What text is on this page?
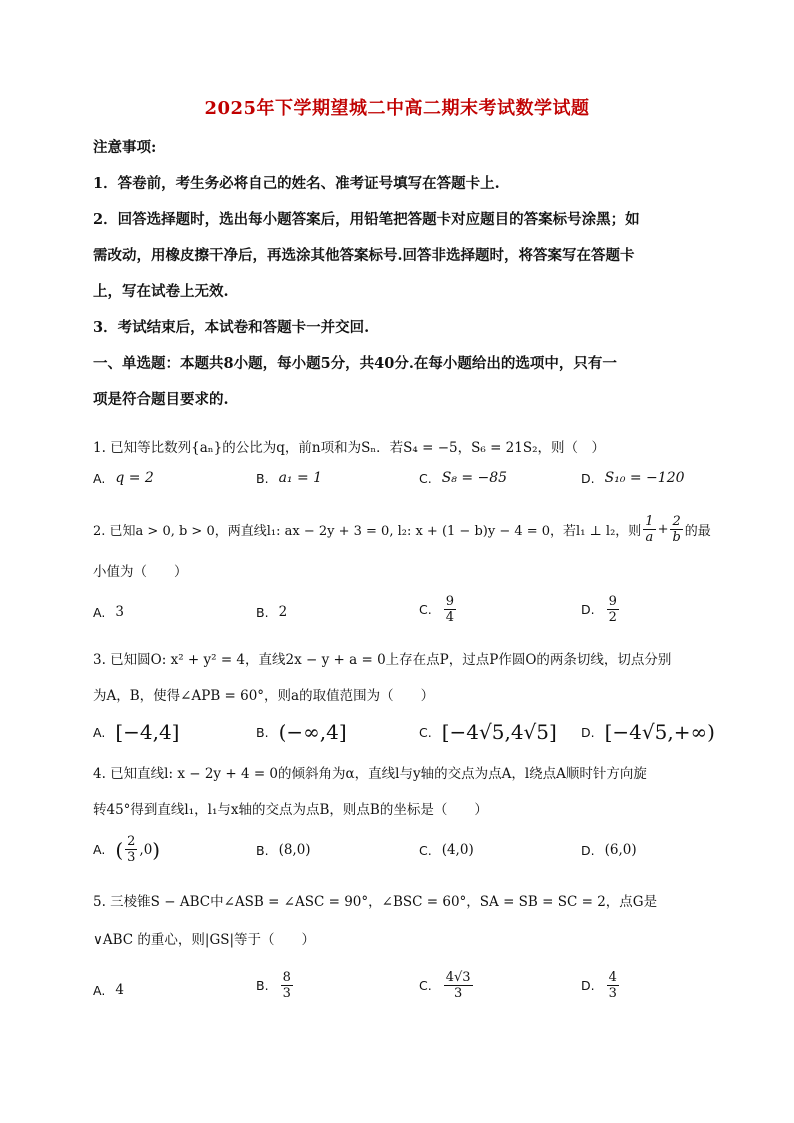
2025年下学期望城二中高二期末考试数学试题
注意事项:
1．答卷前，考生务必将自己的姓名、准考证号填写在答题卡上.
2．回答选择题时，选出每小题答案后，用铅笔把答题卡对应题目的答案标号涂黑；如
需改动，用橡皮擦干净后，再选涂其他答案标号.回答非选择题时，将答案写在答题卡
上，写在试卷上无效.
3．考试结束后，本试卷和答题卡一并交回.
一、单选题：本题共8小题，每小题5分，共40分.在每小题给出的选项中，只有一
项是符合题目要求的.
1. 已知等比数列{aₙ}的公比为q，前n项和为Sₙ．若S₄ = −5，S₆ = 21S₂，则（　）
A. q = 2	B. a₁ = 1	C. S₈ = −85	D. S₁₀ = −120
2. 已知a > 0, b > 0，两直线l₁: ax − 2y + 3 = 0, l₂: x + (1 − b)y − 4 = 0，若l₁ ⊥ l₂，则 $\frac{1}{a} + \frac{2}{b}$ 的最
小值为（　　）
A. 3	B. 2	C. $\frac{9}{4}$	D. $\frac{9}{2}$
3. 已知圆O: x² + y² = 4，直线2x − y + a = 0上存在点P，过点P作圆O的两条切线，切点分别
为A，B，使得∠APB = 60°，则a的取值范围为（　　）
A. [−4,4]	B. (−∞,4]	C. [−4√5,4√5] D. [−4√5,+∞)
4. 已知直线l: x − 2y + 4 = 0的倾斜角为α，直线l与y轴的交点为点A，l绕点A顺时针方向旋
转45°得到直线l₁，l₁与x轴的交点为点B，则点B的坐标是（　　）
A. ( $\frac{2}{3} ,0$ )	B. (8,0)	C. (4,0)	D. (6,0)
5. 三棱锥S − ABC中∠ASB = ∠ASC = 90°，∠BSC = 60°，SA = SB = SC = 2，点G是
∨ABC 的重心，则|GS|等于（　　）
A. 4	B. $\frac{8}{3}$	C. $\frac{4√3}{3}$	D. $\frac{4}{3}$
